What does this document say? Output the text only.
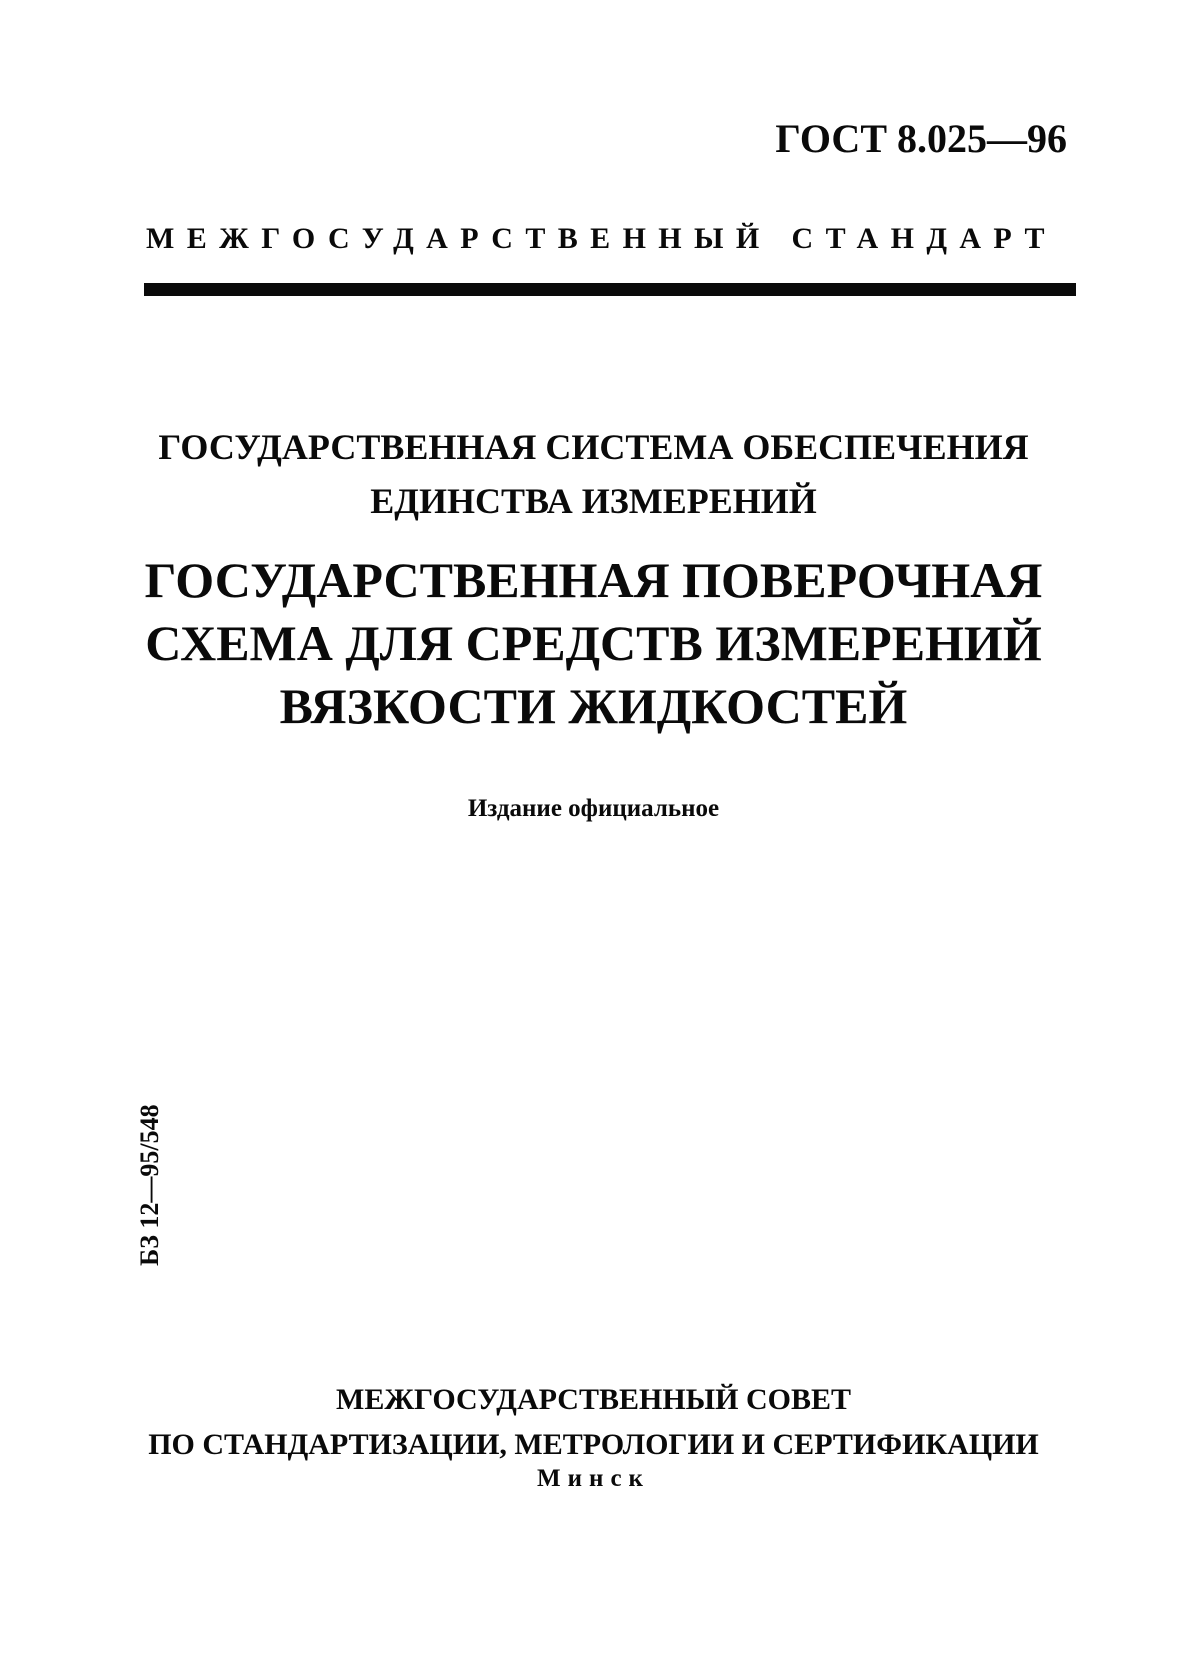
ГОСТ 8.025—96
МЕЖГОСУДАРСТВЕННЫЙ СТАНДАРТ
ГОСУДАРСТВЕННАЯ СИСТЕМА ОБЕСПЕЧЕНИЯ
ЕДИНСТВА ИЗМЕРЕНИЙ
ГОСУДАРСТВЕННАЯ ПОВЕРОЧНАЯ
СХЕМА ДЛЯ СРЕДСТВ ИЗМЕРЕНИЙ
ВЯЗКОСТИ ЖИДКОСТЕЙ
Издание официальное
БЗ 12—95/548
МЕЖГОСУДАРСТВЕННЫЙ СОВЕТ
ПО СТАНДАРТИЗАЦИИ, МЕТРОЛОГИИ И СЕРТИФИКАЦИИ
Минск
